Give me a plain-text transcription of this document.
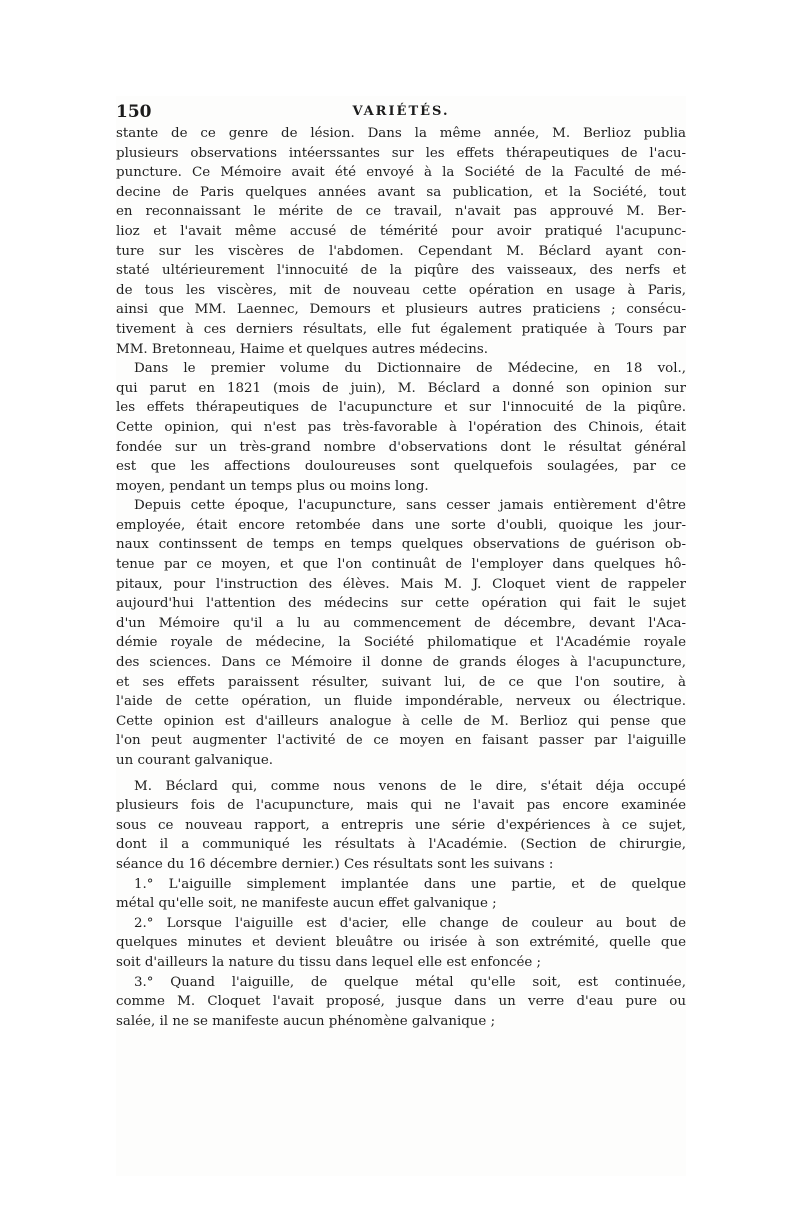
150	VARIÉTÉS.
stante de ce genre de lésion. Dans la même année, M. Berlioz publia
plusieurs observations intéerssantes sur les effets thérapeutiques de l'acu-
puncture. Ce Mémoire avait été envoyé à la Société de la Faculté de mé-
decine de Paris quelques années avant sa publication, et la Société, tout
en reconnaissant le mérite de ce travail, n'avait pas approuvé M. Ber-
lioz et l'avait même accusé de témérité pour avoir pratiqué l'acupunc-
ture sur les viscères de l'abdomen. Cependant M. Béclard ayant con-
staté ultérieurement l'innocuité de la piqûre des vaisseaux, des nerfs et
de tous les viscères, mit de nouveau cette opération en usage à Paris,
ainsi que MM. Laennec, Demours et plusieurs autres praticiens ; consécu-
tivement à ces derniers résultats, elle fut également pratiquée à Tours par
MM. Bretonneau, Haime et quelques autres médecins.
Dans le premier volume du Dictionnaire de Médecine, en 18 vol.,
qui parut en 1821 (mois de juin), M. Béclard a donné son opinion sur
les effets thérapeutiques de l'acupuncture et sur l'innocuité de la piqûre.
Cette opinion, qui n'est pas très-favorable à l'opération des Chinois, était
fondée sur un très-grand nombre d'observations dont le résultat général
est que les affections douloureuses sont quelquefois soulagées, par ce
moyen, pendant un temps plus ou moins long.
Depuis cette époque, l'acupuncture, sans cesser jamais entièrement d'être
employée, était encore retombée dans une sorte d'oubli, quoique les jour-
naux continssent de temps en temps quelques observations de guérison ob-
tenue par ce moyen, et que l'on continuât de l'employer dans quelques hô-
pitaux, pour l'instruction des élèves. Mais M. J. Cloquet vient de rappeler
aujourd'hui l'attention des médecins sur cette opération qui fait le sujet
d'un Mémoire qu'il a lu au commencement de décembre, devant l'Aca-
démie royale de médecine, la Société philomatique et l'Académie royale
des sciences. Dans ce Mémoire il donne de grands éloges à l'acupuncture,
et ses effets paraissent résulter, suivant lui, de ce que l'on soutire, à
l'aide de cette opération, un fluide impondérable, nerveux ou électrique.
Cette opinion est d'ailleurs analogue à celle de M. Berlioz qui pense que
l'on peut augmenter l'activité de ce moyen en faisant passer par l'aiguille
un courant galvanique.
M. Béclard qui, comme nous venons de le dire, s'était déja occupé
plusieurs fois de l'acupuncture, mais qui ne l'avait pas encore examinée
sous ce nouveau rapport, a entrepris une série d'expériences à ce sujet,
dont il a communiqué les résultats à l'Académie. (Section de chirurgie,
séance du 16 décembre dernier.) Ces résultats sont les suivans :
1.° L'aiguille simplement implantée dans une partie, et de quelque
métal qu'elle soit, ne manifeste aucun effet galvanique ;
2.° Lorsque l'aiguille est d'acier, elle change de couleur au bout de
quelques minutes et devient bleuâtre ou irisée à son extrémité, quelle que
soit d'ailleurs la nature du tissu dans lequel elle est enfoncée ;
3.° Quand l'aiguille, de quelque métal qu'elle soit, est continuée,
comme M. Cloquet l'avait proposé, jusque dans un verre d'eau pure ou
salée, il ne se manifeste aucun phénomène galvanique ;
